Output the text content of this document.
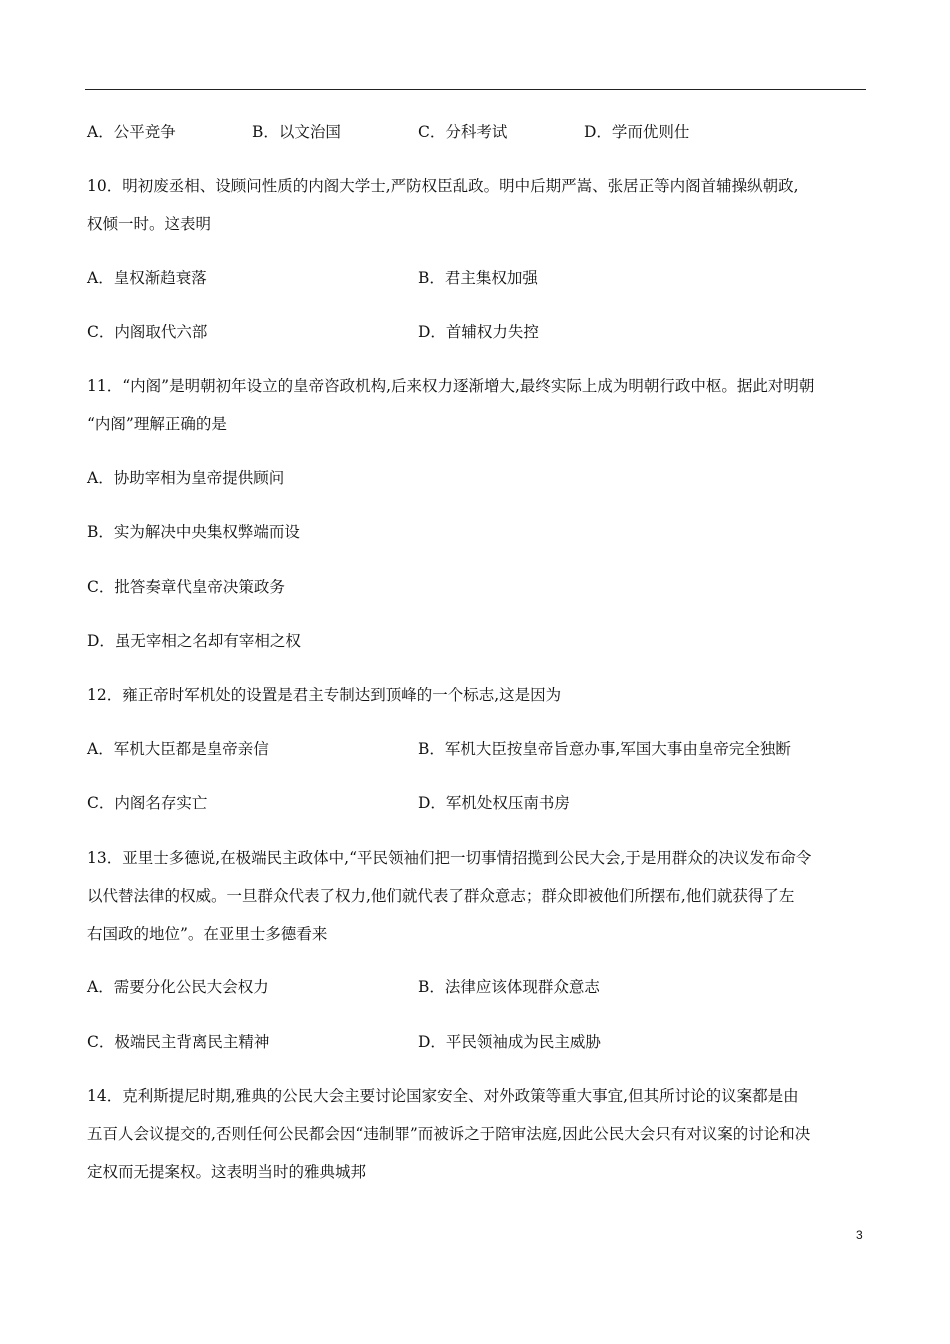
A．公平竞争	B．以文治国	C．分科考试	D．学而优则仕
10．明初废丞相、设顾问性质的内阁大学士,严防权臣乱政。明中后期严嵩、张居正等内阁首辅操纵朝政,
权倾一时。这表明
A．皇权渐趋衰落	B．君主集权加强
C．内阁取代六部	D．首辅权力失控
11．“内阁”是明朝初年设立的皇帝咨政机构,后来权力逐渐增大,最终实际上成为明朝行政中枢。据此对明朝
“内阁”理解正确的是
A．协助宰相为皇帝提供顾问
B．实为解决中央集权弊端而设
C．批答奏章代皇帝决策政务
D．虽无宰相之名却有宰相之权
12．雍正帝时军机处的设置是君主专制达到顶峰的一个标志,这是因为
A．军机大臣都是皇帝亲信	B．军机大臣按皇帝旨意办事,军国大事由皇帝完全独断
C．内阁名存实亡	D．军机处权压南书房
13．亚里士多德说,在极端民主政体中,“平民领袖们把一切事情招揽到公民大会,于是用群众的决议发布命令
以代替法律的权威。一旦群众代表了权力,他们就代表了群众意志；群众即被他们所摆布,他们就获得了左
右国政的地位”。在亚里士多德看来
A．需要分化公民大会权力	B．法律应该体现群众意志
C．极端民主背离民主精神	D．平民领袖成为民主威胁
14．克利斯提尼时期,雅典的公民大会主要讨论国家安全、对外政策等重大事宜,但其所讨论的议案都是由
五百人会议提交的,否则任何公民都会因“违制罪”而被诉之于陪审法庭,因此公民大会只有对议案的讨论和决
定权而无提案权。这表明当时的雅典城邦
3
